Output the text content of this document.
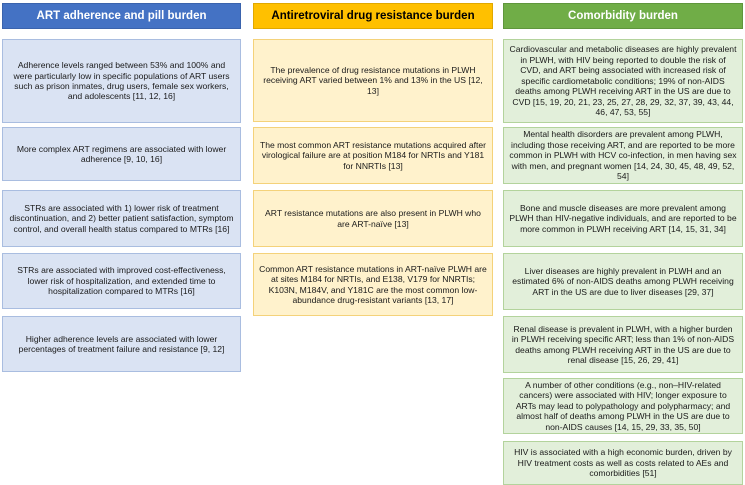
ART adherence and pill burden
Adherence levels ranged between 53% and 100% and were particularly low in specific populations of ART users such as prison inmates, drug users, female sex workers, and adolescents [11, 12, 16]
More complex ART regimens are associated with lower adherence [9, 10, 16]
STRs are associated with 1) lower risk of treatment discontinuation, and 2) better patient satisfaction, symptom control, and overall health status compared to MTRs [16]
STRs are associated with improved cost-effectiveness, lower risk of hospitalization, and extended time to hospitalization compared to MTRs [16]
Higher adherence levels are associated with lower percentages of treatment failure and resistance [9, 12]
Antiretroviral drug resistance burden
The prevalence of drug resistance mutations in PLWH receiving ART varied between 1% and 13% in the US [12, 13]
The most common ART resistance mutations acquired after virological failure are at position M184 for NRTIs and Y181 for NNRTIs [13]
ART resistance mutations are also present in PLWH who are ART-naïve [13]
Common ART resistance mutations in ART-naïve PLWH are at sites M184 for NRTIs, and E138, V179 for NNRTIs; K103N, M184V, and Y181C are the most common low-abundance drug-resistant variants [13, 17]
Comorbidity burden
Cardiovascular and metabolic diseases are highly prevalent in PLWH, with HIV being reported to double the risk of CVD, and ART being associated with increased risk of specific cardiometabolic conditions; 19% of non-AIDS deaths among PLWH receiving ART in the US are due to CVD [15, 19, 20, 21, 23, 25, 27, 28, 29, 32, 37, 39, 43, 44, 46, 47, 53, 55]
Mental health disorders are prevalent among PLWH, including those receiving ART, and are reported to be more common in PLWH with HCV co-infection, in men having sex with men, and pregnant women [14, 24, 30, 45, 48, 49, 52, 54]
Bone and muscle diseases are more prevalent among PLWH than HIV-negative individuals, and are reported to be more common in PLWH receiving ART [14, 15, 31, 34]
Liver diseases are highly prevalent in PLWH and an estimated 6% of non-AIDS deaths among PLWH receiving ART in the US are due to liver diseases [29, 37]
Renal disease is prevalent in PLWH, with a higher burden in PLWH receiving specific ART; less than 1% of non-AIDS deaths among PLWH receiving ART in the US are due to renal disease [15, 26, 29, 41]
A number of other conditions (e.g., non–HIV-related cancers) were associated with HIV; longer exposure to ARTs may lead to polypathology and polypharmacy; and almost half of deaths among PLWH in the US are due to non-AIDS causes [14, 15, 29, 33, 35, 50]
HIV is associated with a high economic burden, driven by HIV treatment costs as well as costs related to AEs and comorbidities [51]
